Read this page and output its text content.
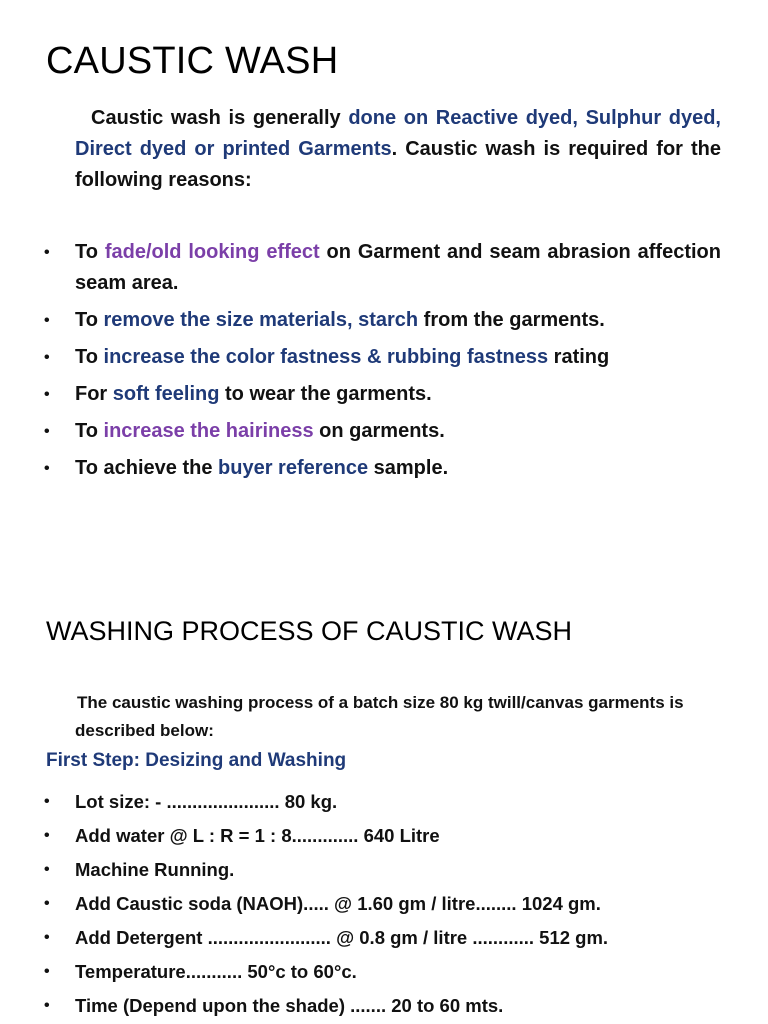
CAUSTIC WASH
Caustic wash is generally done on Reactive dyed, Sulphur dyed, Direct dyed or printed Garments. Caustic wash is required for the following reasons:
• To fade/old looking effect on Garment and seam abrasion affection seam area.
• To remove the size materials, starch from the garments.
• To increase the color fastness & rubbing fastness rating
• For soft feeling to wear the garments.
• To increase the hairiness on garments.
• To achieve the buyer reference sample.
WASHING PROCESS OF CAUSTIC WASH
The caustic washing process of a batch size 80 kg twill/canvas garments is described below:
First Step: Desizing and Washing
• Lot size: - ...................... 80 kg.
• Add water @ L : R = 1 : 8............. 640 Litre
• Machine Running.
• Add Caustic soda (NAOH)..... @ 1.60 gm / litre........ 1024 gm.
• Add Detergent ........................ @ 0.8 gm / litre ............ 512 gm.
• Temperature........... 50°c to 60°c.
• Time (Depend upon the shade) ....... 20 to 60 mts.
